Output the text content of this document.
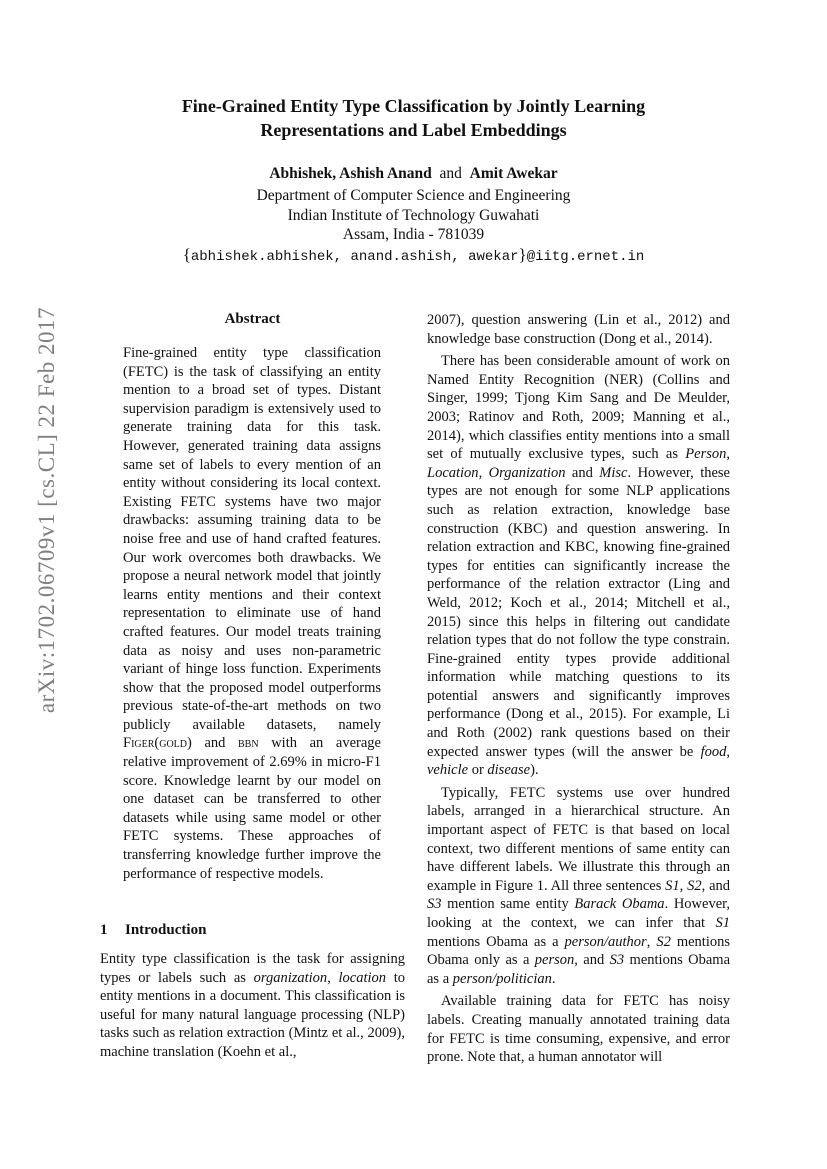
arXiv:1702.06709v1 [cs.CL] 22 Feb 2017
Fine-Grained Entity Type Classification by Jointly Learning
Representations and Label Embeddings
Abhishek, Ashish Anand and Amit Awekar
Department of Computer Science and Engineering
Indian Institute of Technology Guwahati
Assam, India - 781039
{abhishek.abhishek, anand.ashish, awekar}@iitg.ernet.in
Abstract

Fine-grained entity type classification (FETC) is the task of classifying an entity mention to a broad set of types. Distant supervision paradigm is extensively used to generate training data for this task. However, generated training data assigns same set of labels to every mention of an entity without considering its local context. Existing FETC systems have two major drawbacks: assuming training data to be noise free and use of hand crafted features. Our work overcomes both drawbacks. We propose a neural network model that jointly learns entity mentions and their context representation to eliminate use of hand crafted features. Our model treats training data as noisy and uses non-parametric variant of hinge loss function. Experiments show that the proposed model outperforms previous state-of-the-art methods on two publicly available datasets, namely Figer(gold) and bbn with an average relative improvement of 2.69% in micro-F1 score. Knowledge learnt by our model on one dataset can be transferred to other datasets while using same model or other FETC systems. These approaches of transferring knowledge further improve the performance of respective models.

1 Introduction

Entity type classification is the task for assigning types or labels such as organization, location to entity mentions in a document. This classification is useful for many natural language processing (NLP) tasks such as relation extraction (Mintz et al., 2009), machine translation (Koehn et al.,

2007), question answering (Lin et al., 2012) and knowledge base construction (Dong et al., 2014).

There has been considerable amount of work on Named Entity Recognition (NER) (Collins and Singer, 1999; Tjong Kim Sang and De Meulder, 2003; Ratinov and Roth, 2009; Manning et al., 2014), which classifies entity mentions into a small set of mutually exclusive types, such as Person, Location, Organization and Misc. However, these types are not enough for some NLP applications such as relation extraction, knowledge base construction (KBC) and question answering. In relation extraction and KBC, knowing fine-grained types for entities can significantly increase the performance of the relation extractor (Ling and Weld, 2012; Koch et al., 2014; Mitchell et al., 2015) since this helps in filtering out candidate relation types that do not follow the type constrain. Fine-grained entity types provide additional information while matching questions to its potential answers and significantly improves performance (Dong et al., 2015). For example, Li and Roth (2002) rank questions based on their expected answer types (will the answer be food, vehicle or disease).

Typically, FETC systems use over hundred labels, arranged in a hierarchical structure. An important aspect of FETC is that based on local context, two different mentions of same entity can have different labels. We illustrate this through an example in Figure 1. All three sentences S1, S2, and S3 mention same entity Barack Obama. However, looking at the context, we can infer that S1 mentions Obama as a person/author, S2 mentions Obama only as a person, and S3 mentions Obama as a person/politician.

Available training data for FETC has noisy labels. Creating manually annotated training data for FETC is time consuming, expensive, and error prone. Note that, a human annotator will
